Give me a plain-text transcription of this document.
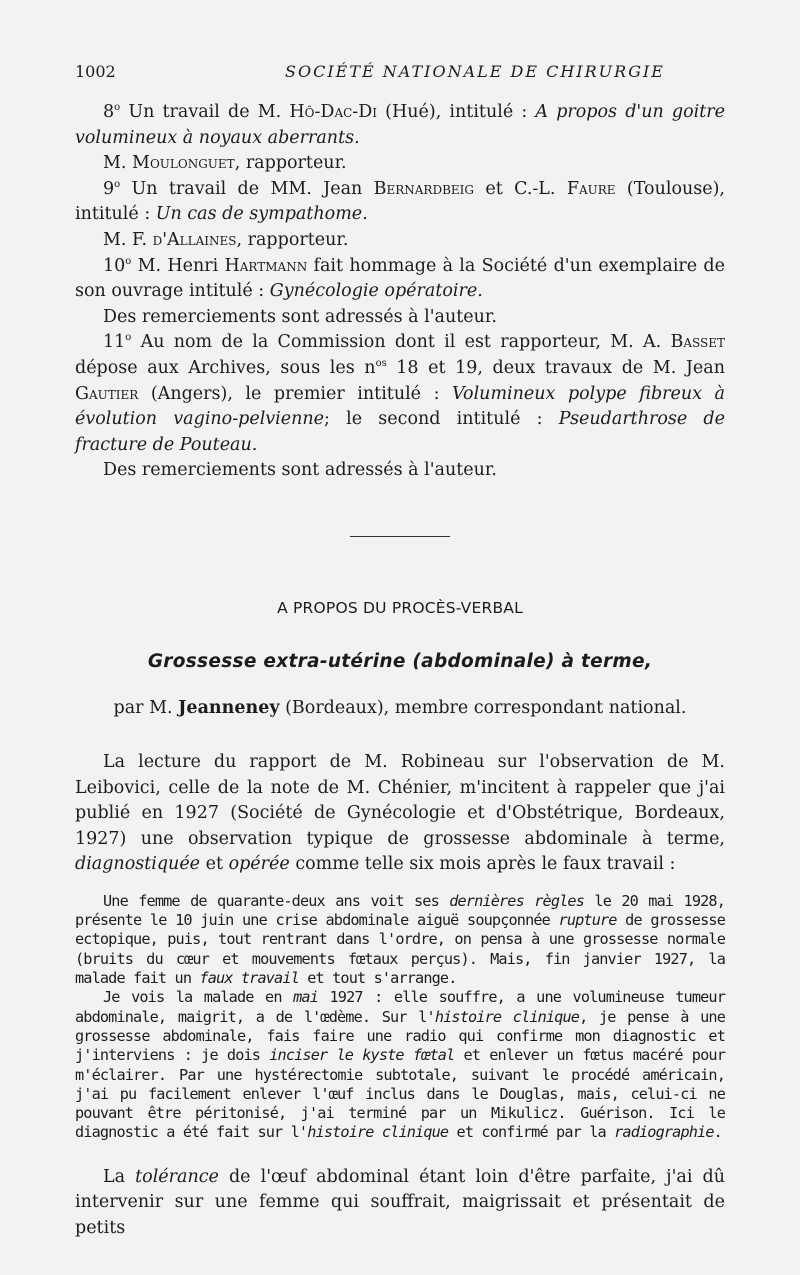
1002	SOCIÉTÉ NATIONALE DE CHIRURGIE

8$^o$ Un travail de M. Hô-Dac-Di (Hué), intitulé : A propos d'un goitre volumineux à noyaux aberrants.

M. Moulonguet, rapporteur.

9$^o$ Un travail de MM. Jean Bernardbeig et C.-L. Faure (Toulouse), intitulé : Un cas de sympathome.

M. F. d'Allaines, rapporteur.

10$^o$ M. Henri Hartmann fait hommage à la Société d'un exemplaire de son ouvrage intitulé : Gynécologie opératoire.

Des remerciements sont adressés à l'auteur.

11$^o$ Au nom de la Commission dont il est rapporteur, M. A. Basset dépose aux Archives, sous les $n^{os}$ 18 et 19, deux travaux de M. Jean Gautier (Angers), le premier intitulé : Volumineux polype fibreux à évolution vagino-pelvienne; le second intitulé : Pseudarthrose de fracture de Pouteau.

Des remerciements sont adressés à l'auteur.

A PROPOS DU PROCÈS-VERBAL
Grossesse extra-utérine (abdominale) à terme,
par M. Jeanneney (Bordeaux), membre correspondant national.

La lecture du rapport de M. Robineau sur l'observation de M. Leibovici, celle de la note de M. Chénier, m'incitent à rappeler que j'ai publié en 1927 (Société de Gynécologie et d'Obstétrique, Bordeaux, 1927) une observation typique de grossesse abdominale à terme, diagnostiquée et opérée comme telle six mois après le faux travail :

Une femme de quarante-deux ans voit ses dernières règles le 20 mai 1928, présente le 10 juin une crise abdominale aiguë soupçonnée rupture de grossesse ectopique, puis, tout rentrant dans l'ordre, on pensa à une grossesse normale (bruits du cœur et mouvements fœtaux perçus). Mais, fin janvier 1927, la malade fait un faux travail et tout s'arrange.

Je vois la malade en mai 1927 : elle souffre, a une volumineuse tumeur abdominale, maigrit, a de l'œdème. Sur l'histoire clinique, je pense à une grossesse abdominale, fais faire une radio qui confirme mon diagnostic et j'interviens : je dois inciser le kyste fœtal et enlever un fœtus macéré pour m'éclairer. Par une hystérectomie subtotale, suivant le procédé américain, j'ai pu facilement enlever l'œuf inclus dans le Douglas, mais, celui-ci ne pouvant être péritonisé, j'ai terminé par un Mikulicz. Guérison. Ici le diagnostic a été fait sur l'histoire clinique et confirmé par la radiographie.

La tolérance de l'œuf abdominal étant loin d'être parfaite, j'ai dû intervenir sur une femme qui souffrait, maigrissait et présentait de petits
